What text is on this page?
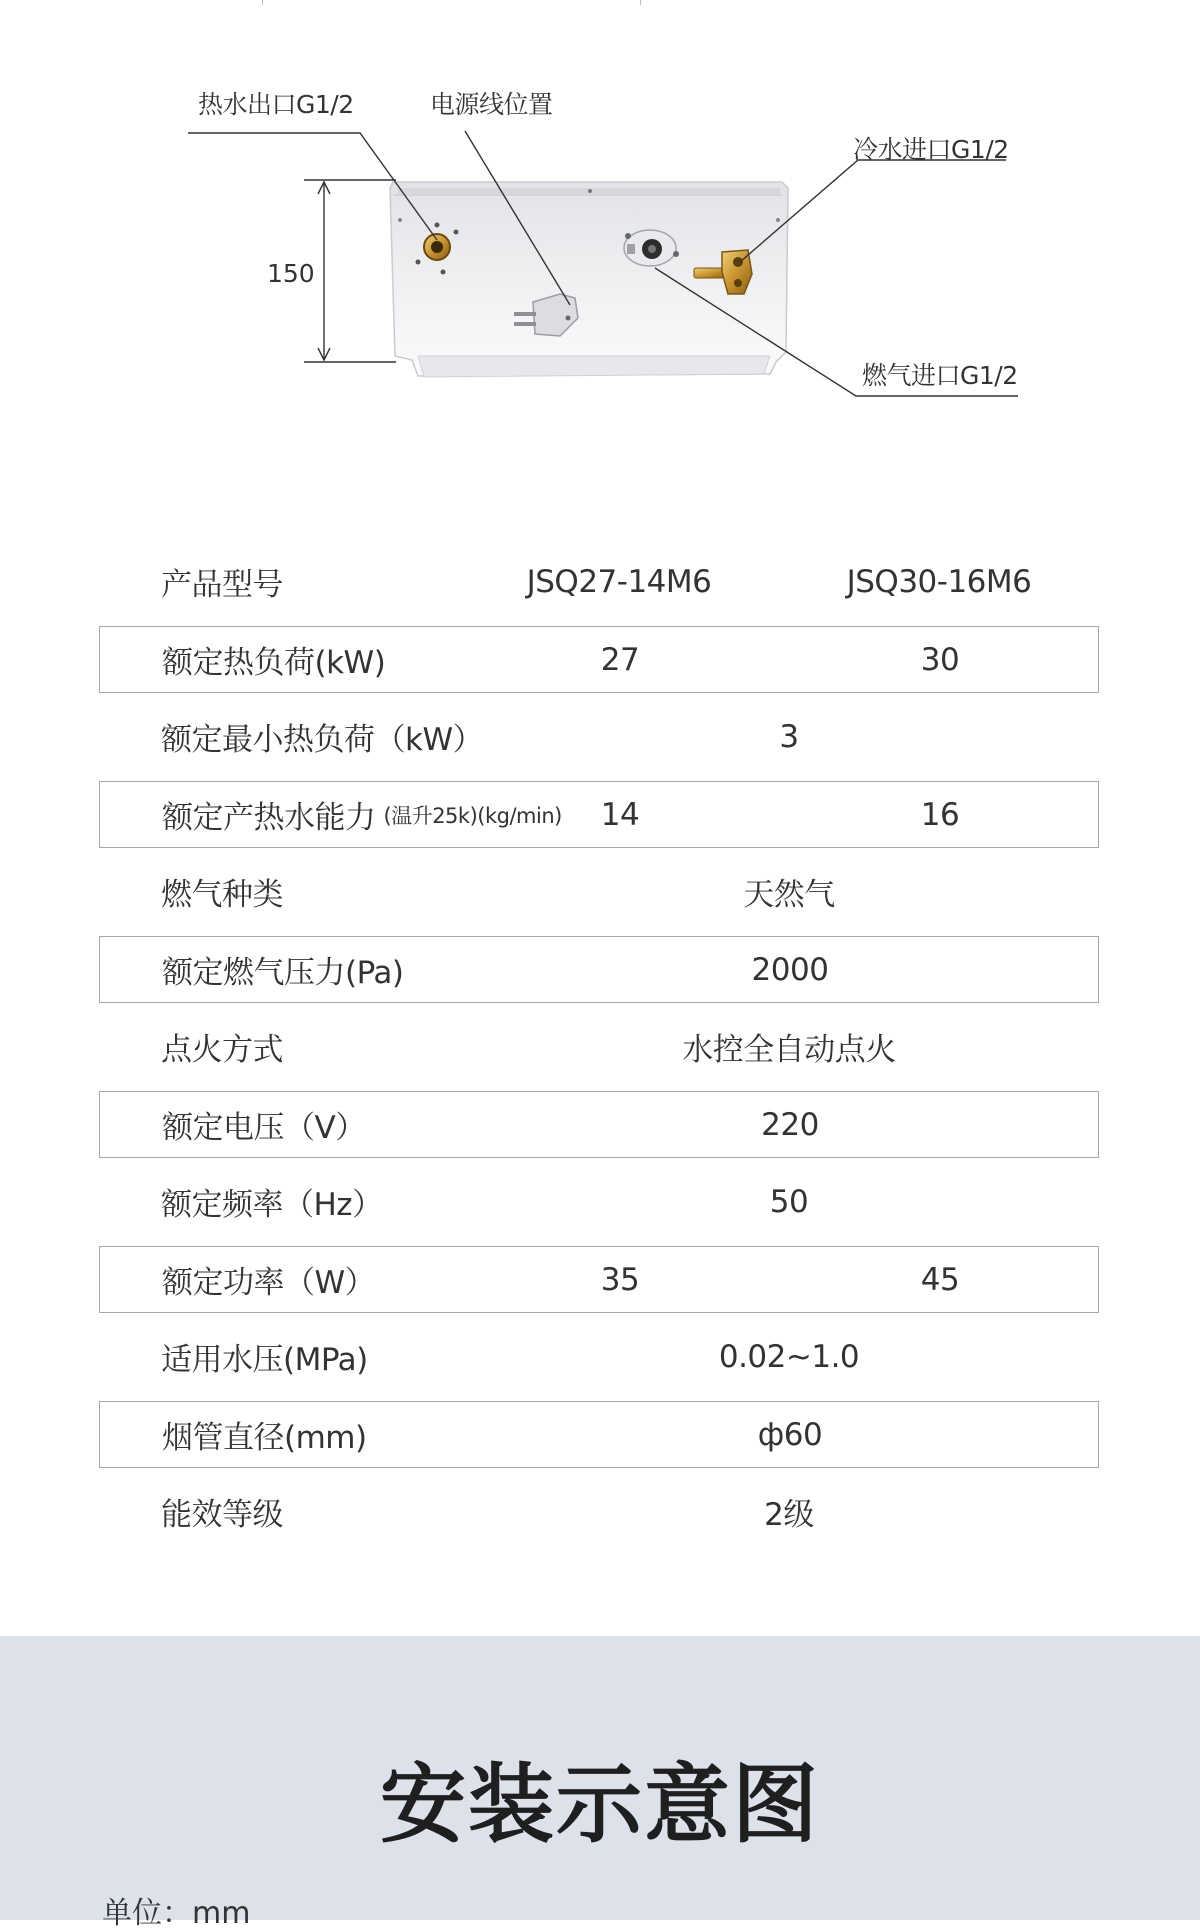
热水出口G1/2	电源线位置
冷水进口G1/2
燃气进口G1/2
150
产品型号	JSQ27-14M6	JSQ30-16M6
额定热负荷(kW)	27	30
额定最小热负荷（kW）	3
额定产热水能力 (温升25k)(kg/min)	14	16
燃气种类	天然气
额定燃气压力(Pa)	2000
点火方式	水控全自动点火
额定电压（V）	220
额定频率（Hz）	50
额定功率（W）	35	45
适用水压(MPa)	0.02~1.0
烟管直径(mm)	ф60
能效等级	2级
安装示意图
单位：mm
